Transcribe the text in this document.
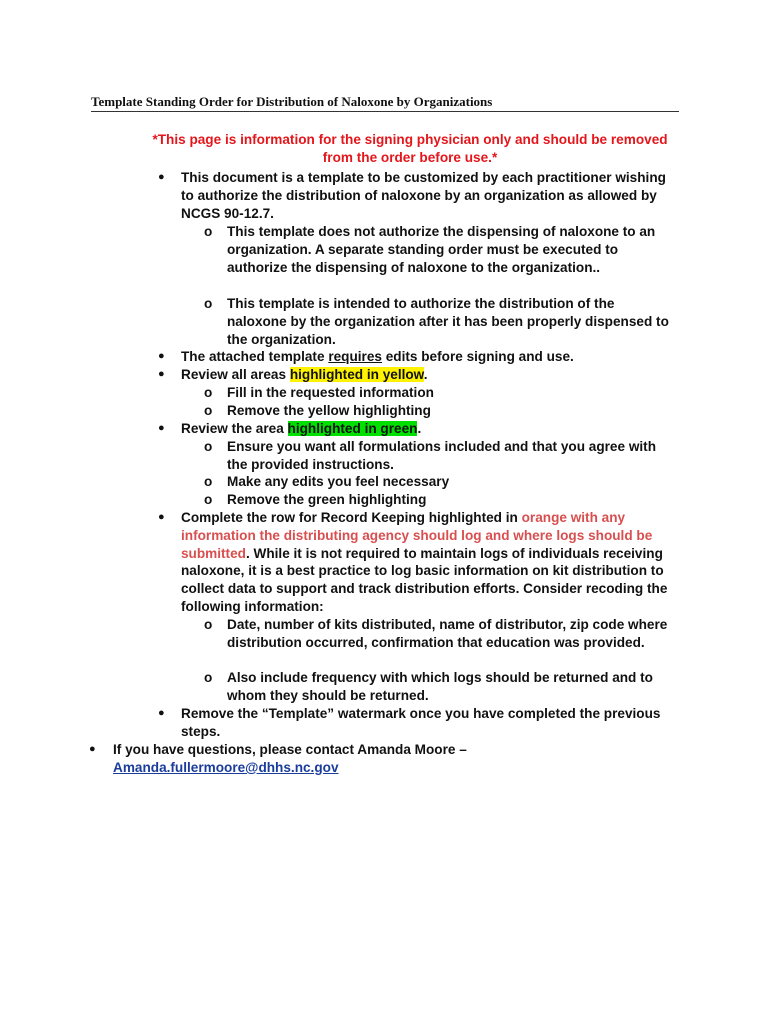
Template Standing Order for Distribution of Naloxone by Organizations
*This page is information for the signing physician only and should be removed from the order before use.*
● This document is a template to be customized by each practitioner wishing to authorize the distribution of naloxone by an organization as allowed by NCGS 90-12.7.
o This template does not authorize the dispensing of naloxone to an organization. A separate standing order must be executed to authorize the dispensing of naloxone to the organization..
o This template is intended to authorize the distribution of the naloxone by the organization after it has been properly dispensed to the organization.
● The attached template requires edits before signing and use.
● Review all areas highlighted in yellow.
o Fill in the requested information
o Remove the yellow highlighting
● Review the area highlighted in green.
o Ensure you want all formulations included and that you agree with the provided instructions.
o Make any edits you feel necessary
o Remove the green highlighting
● Complete the row for Record Keeping highlighted in orange with any information the distributing agency should log and where logs should be submitted. While it is not required to maintain logs of individuals receiving naloxone, it is a best practice to log basic information on kit distribution to collect data to support and track distribution efforts. Consider recoding the following information:
o Date, number of kits distributed, name of distributor, zip code where distribution occurred, confirmation that education was provided.
o Also include frequency with which logs should be returned and to whom they should be returned.
● Remove the “Template” watermark once you have completed the previous steps.
● If you have questions, please contact Amanda Moore –
Amanda.fullermoore@dhhs.nc.gov
